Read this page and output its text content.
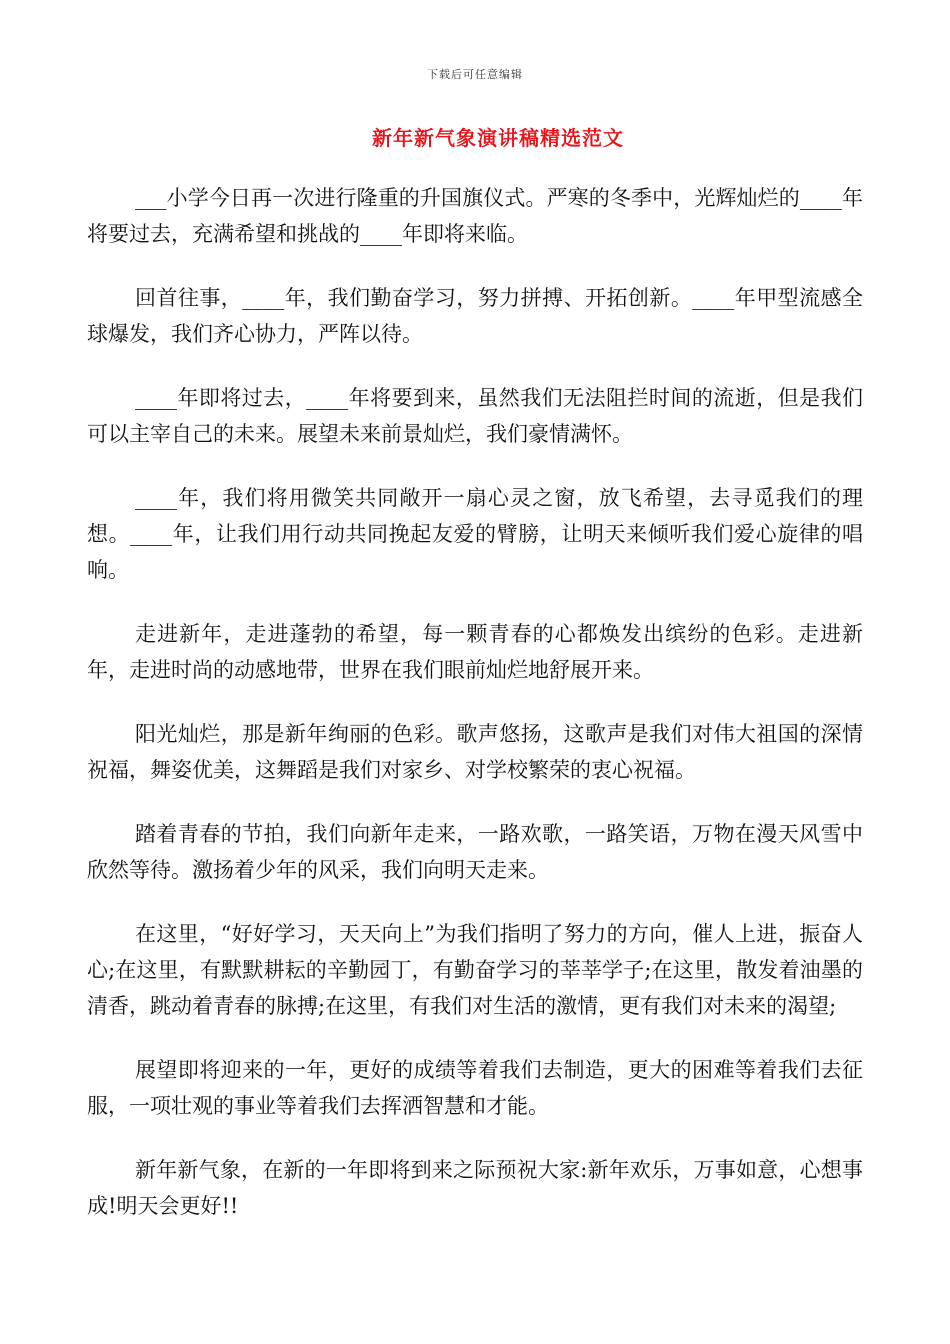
下载后可任意编辑
新年新气象演讲稿精选范文

___小学今日再一次进行隆重的升国旗仪式。严寒的冬季中，光辉灿烂的____年将要过去，充满希望和挑战的____年即将来临。

回首往事，____年，我们勤奋学习，努力拼搏、开拓创新。____年甲型流感全球爆发，我们齐心协力，严阵以待。

____年即将过去，____年将要到来，虽然我们无法阻拦时间的流逝，但是我们可以主宰自己的未来。展望未来前景灿烂，我们豪情满怀。

____年，我们将用微笑共同敞开一扇心灵之窗，放飞希望，去寻觅我们的理想。____年，让我们用行动共同挽起友爱的臂膀，让明天来倾听我们爱心旋律的唱响。

走进新年，走进蓬勃的希望，每一颗青春的心都焕发出缤纷的色彩。走进新年，走进时尚的动感地带，世界在我们眼前灿烂地舒展开来。

阳光灿烂，那是新年绚丽的色彩。歌声悠扬，这歌声是我们对伟大祖国的深情祝福，舞姿优美，这舞蹈是我们对家乡、对学校繁荣的衷心祝福。

踏着青春的节拍，我们向新年走来，一路欢歌，一路笑语，万物在漫天风雪中欣然等待。激扬着少年的风采，我们向明天走来。

在这里，“好好学习，天天向上”为我们指明了努力的方向，催人上进，振奋人心;在这里，有默默耕耘的辛勤园丁，有勤奋学习的莘莘学子;在这里，散发着油墨的清香，跳动着青春的脉搏;在这里，有我们对生活的激情，更有我们对未来的渴望;

展望即将迎来的一年，更好的成绩等着我们去制造，更大的困难等着我们去征服，一项壮观的事业等着我们去挥洒智慧和才能。

新年新气象，在新的一年即将到来之际预祝大家:新年欢乐，万事如意，心想事成!明天会更好!!
